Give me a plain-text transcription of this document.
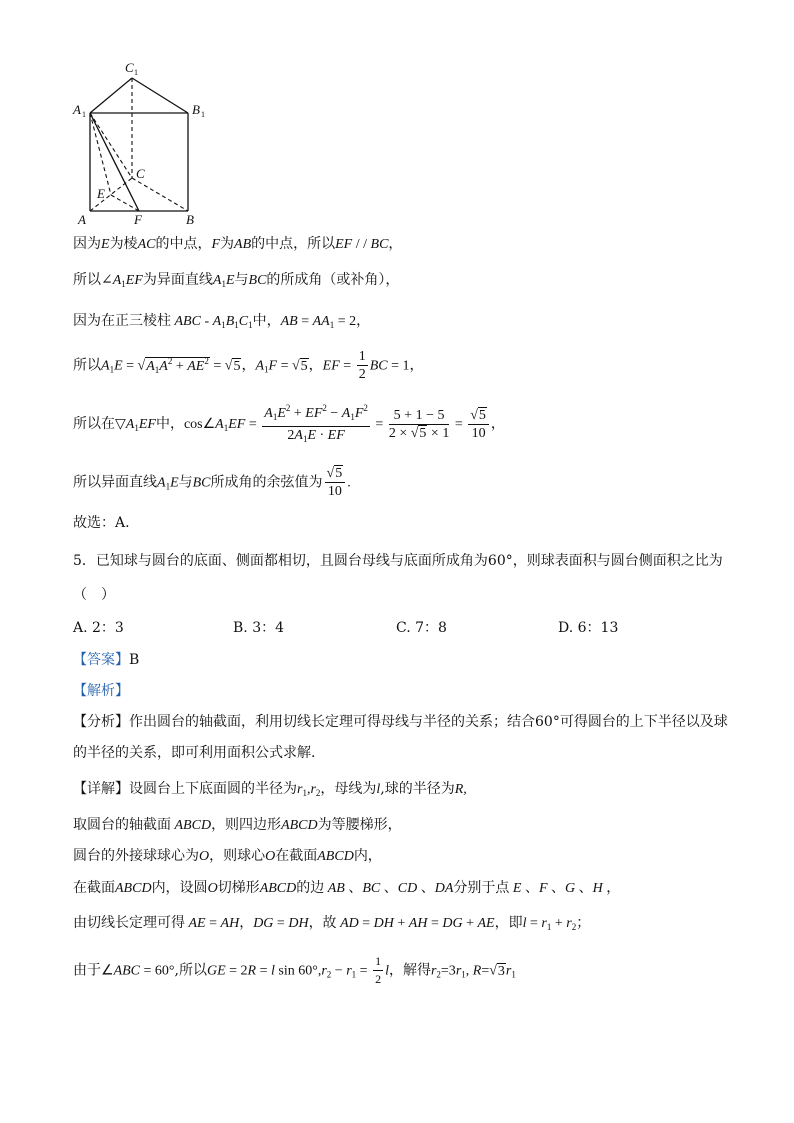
C 1
A 1	B 1
C
E
A	F	B
因为E为棱AC的中点，F为AB的中点，所以EF / / BC，
所以$\angle A_1EF$为异面直线$A_1E$与BC的所成角（或补角），
因为在正三棱柱 ABC - $A_1B_1C_1$中，AB = $AA_1 = 2$，
所以$A_1E = √A_1A^2 + AE^2 = √5$，$A_1F = √5$，EF = $\frac{1}{2}$ BC = 1，
所以在$▽A_1EF$中，$\cos\angle A_1EF = \frac{A_1E^2 + EF^2 - A_1F^2}{2A_1E \cdot EF} = \frac{5 + 1 - 5}{2 \times √5 \times 1} = \frac{√5}{10}$ ，
所以异面直线$A_1E$与BC所成角的余弦值为 $\frac{√5}{10}$ .
故选：A.
5．已知球与圆台的底面、侧面都相切，且圆台母线与底面所成角为60°，则球表面积与圆台侧面积之比为
（　）
A. 2：3	B. 3：4	C. 7：8	D. 6：13
【答案】B
【解析】
【分析】作出圆台的轴截面，利用切线长定理可得母线与半径的关系；结合60°可得圆台的上下半径以及球
的半径的关系，即可利用面积公式求解.
【详解】设圆台上下底面圆的半径为$r_1,r_2$，母线为l,球的半径为R,
取圆台的轴截面 ABCD，则四边形ABCD为等腰梯形，
圆台的外接球球心为O，则球心O在截面ABCD内，
在截面ABCD内，设圆O切梯形ABCD的边 AB 、BC 、CD 、DA分别于点 E 、F 、G 、H ，
由切线长定理可得 AE = AH，DG = DH，故 AD = DH + AH = DG + AE，即$l = r_1 + r_2$；
由于∠ABC = 60°,所以GE = 2R = l $\sin 60^\circ,r_2 - r_1 = \frac{1}{2}$ l，解得$r_2=3r_1$, $R=√3r_1$
